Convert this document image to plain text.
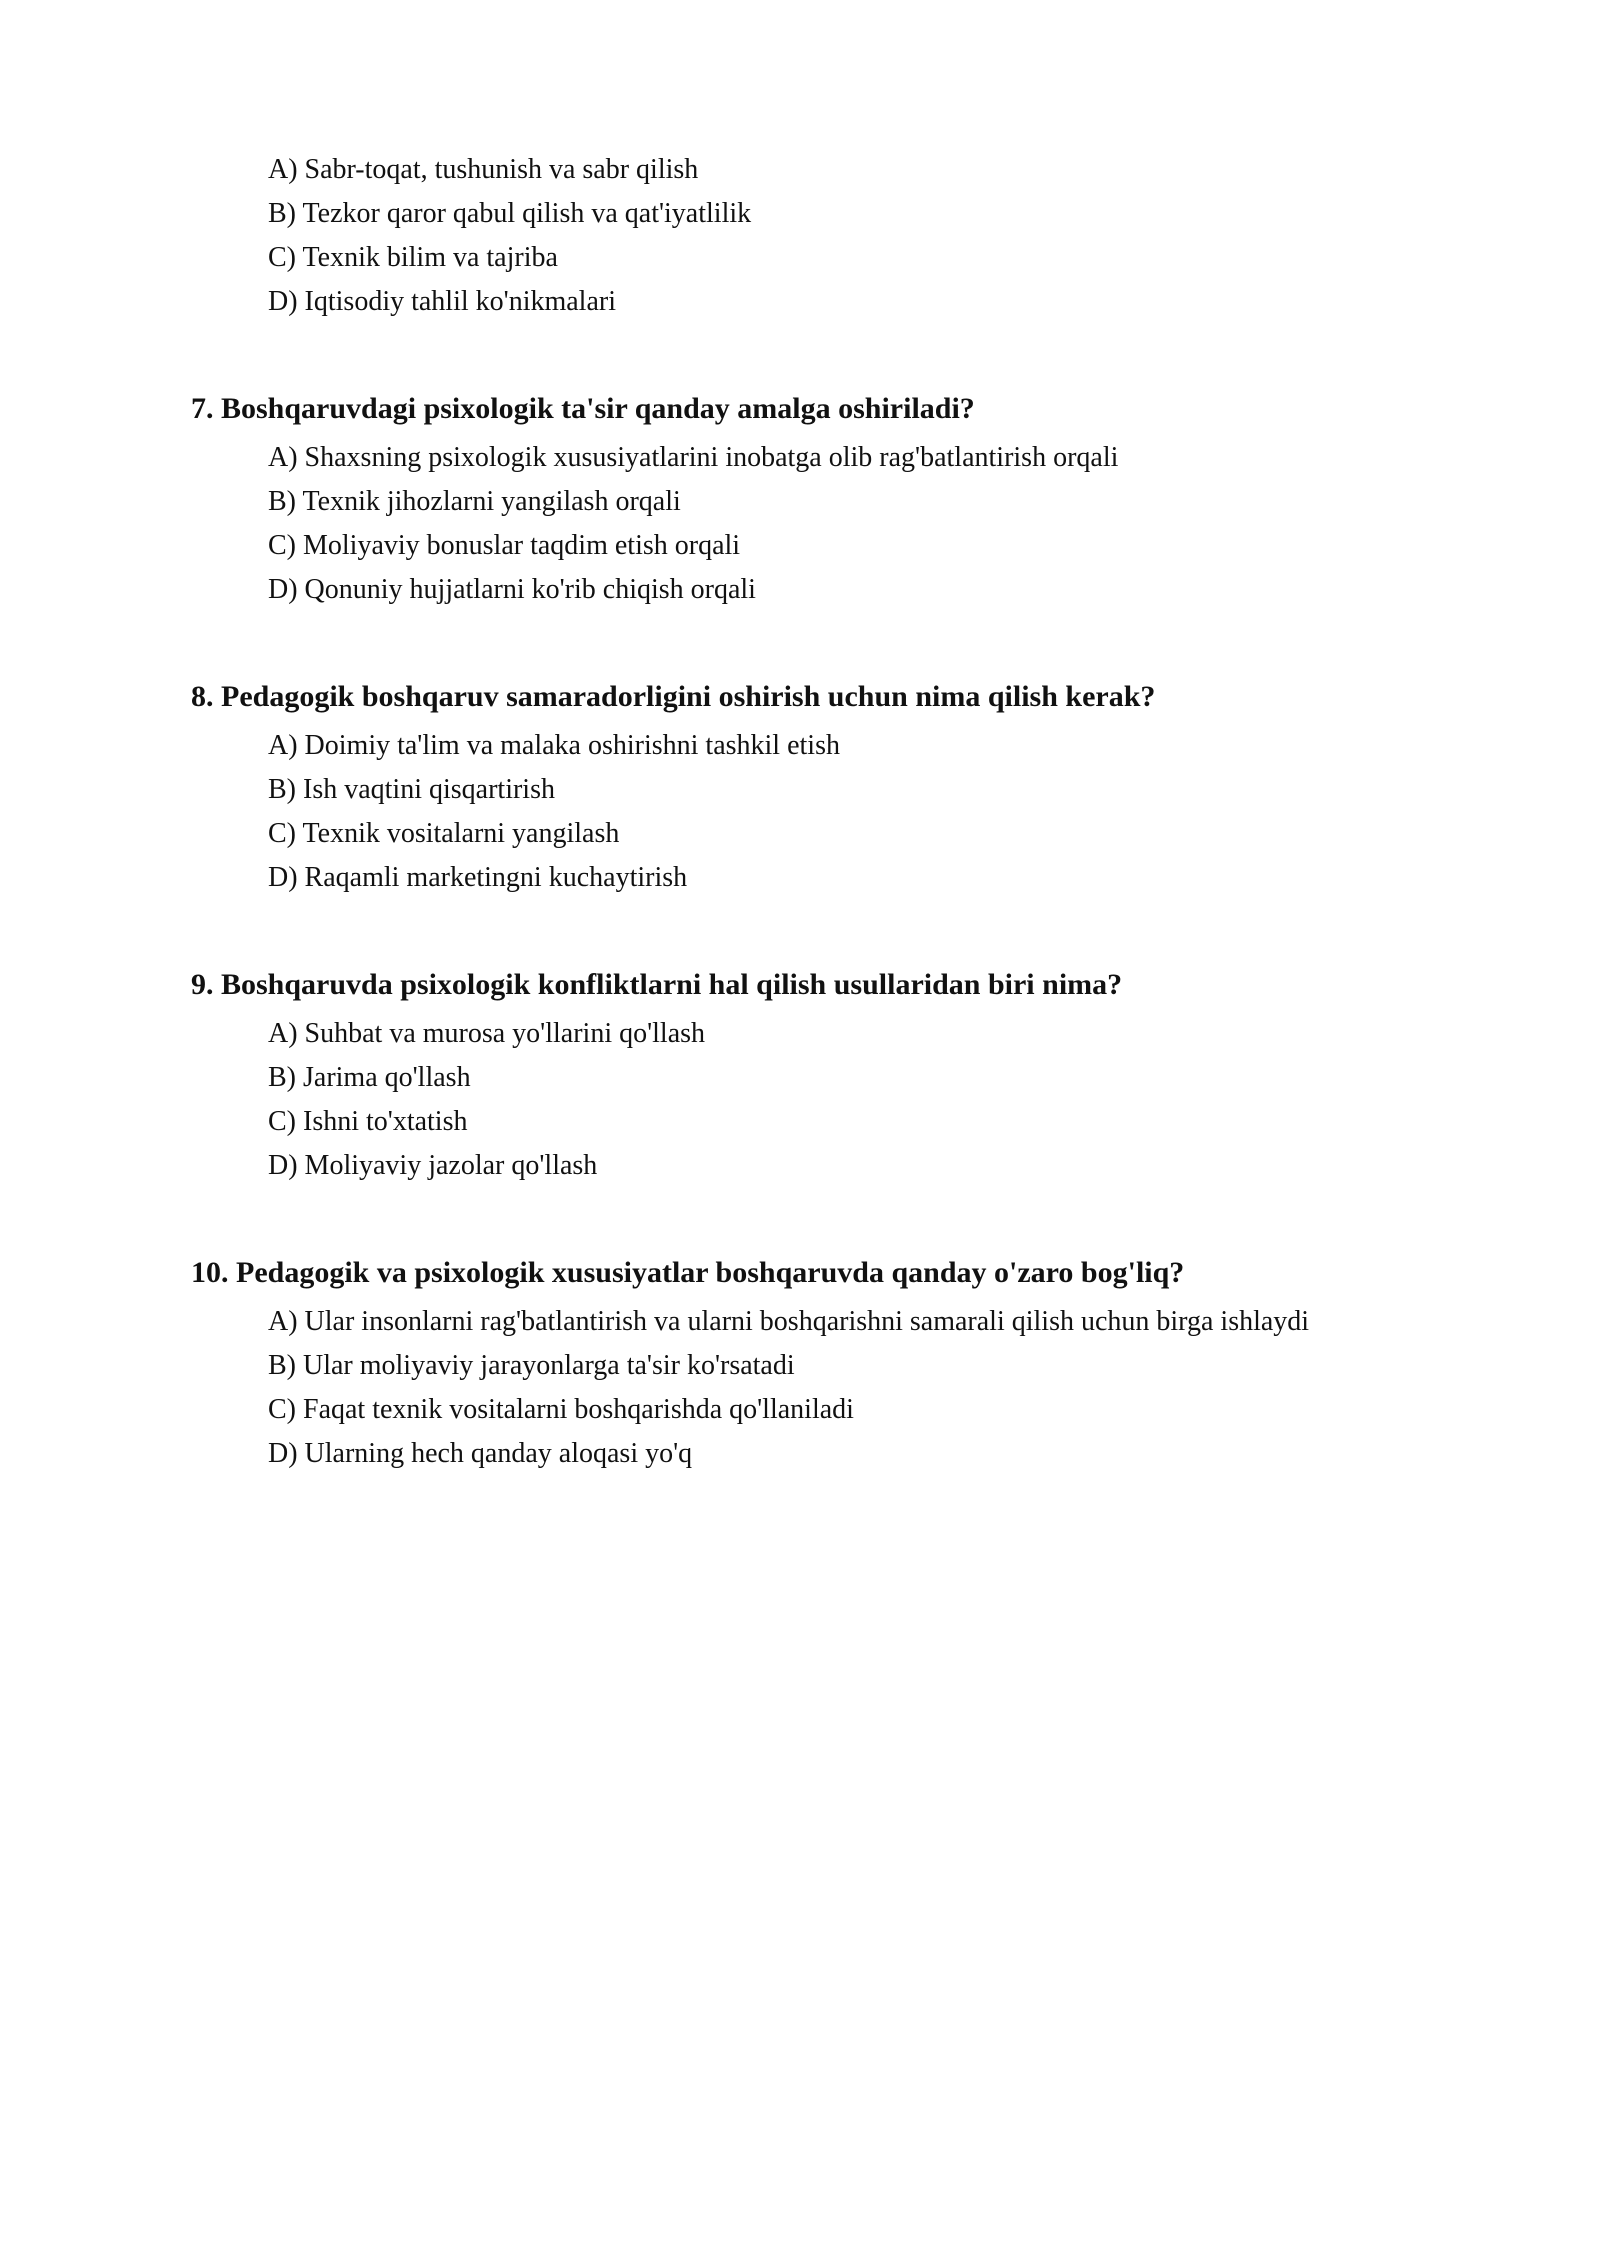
A) Sabr-toqat, tushunish va sabr qilish
B) Tezkor qaror qabul qilish va qat'iyatlilik
C) Texnik bilim va tajriba
D) Iqtisodiy tahlil ko'nikmalari
7. Boshqaruvdagi psixologik ta'sir qanday amalga oshiriladi?
A) Shaxsning psixologik xususiyatlarini inobatga olib rag'batlantirish orqali
B) Texnik jihozlarni yangilash orqali
C) Moliyaviy bonuslar taqdim etish orqali
D) Qonuniy hujjatlarni ko'rib chiqish orqali
8. Pedagogik boshqaruv samaradorligini oshirish uchun nima qilish kerak?
A) Doimiy ta'lim va malaka oshirishni tashkil etish
B) Ish vaqtini qisqartirish
C) Texnik vositalarni yangilash
D) Raqamli marketingni kuchaytirish
9. Boshqaruvda psixologik konfliktlarni hal qilish usullaridan biri nima?
A) Suhbat va murosa yo'llarini qo'llash
B) Jarima qo'llash
C) Ishni to'xtatish
D) Moliyaviy jazolar qo'llash
10. Pedagogik va psixologik xususiyatlar boshqaruvda qanday o'zaro bog'liq?
A) Ular insonlarni rag'batlantirish va ularni boshqarishni samarali qilish uchun birga ishlaydi
B) Ular moliyaviy jarayonlarga ta'sir ko'rsatadi
C) Faqat texnik vositalarni boshqarishda qo'llaniladi
D) Ularning hech qanday aloqasi yo'q
